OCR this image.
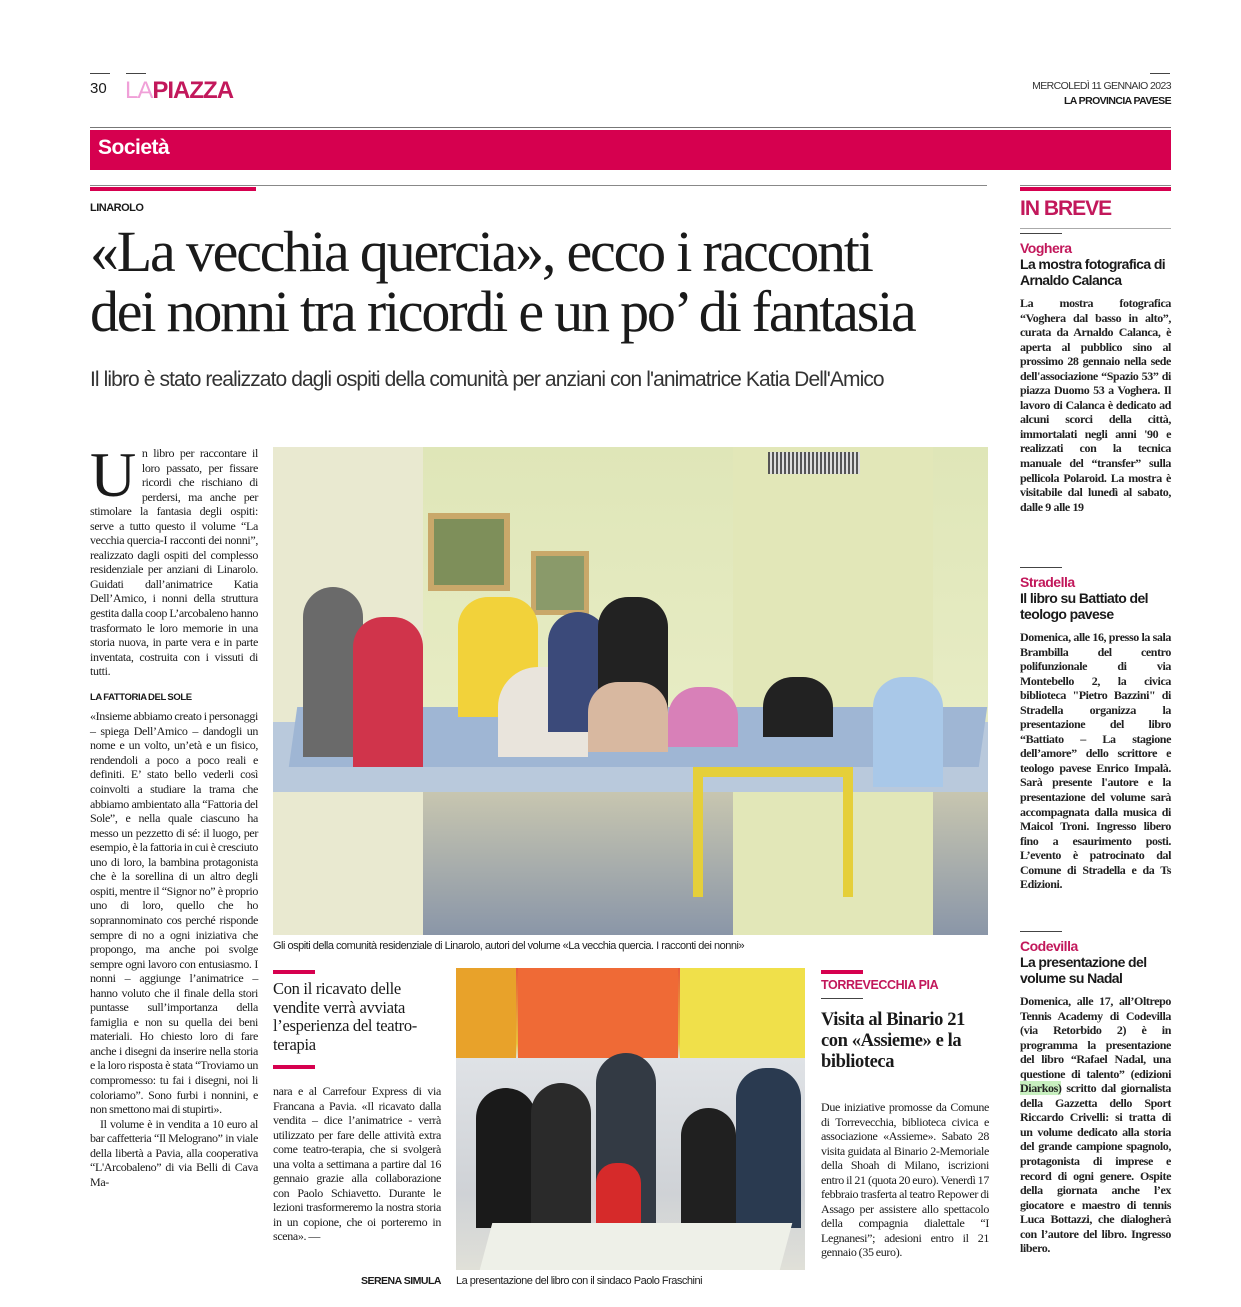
30 LAPIAZZA	MERCOLEDÌ 11 GENNAIO 2023
LA PROVINCIA PAVESE
Società
LINAROLO
«La vecchia quercia», ecco i racconti
dei nonni tra ricordi e un po’ di fantasia
Il libro è stato realizzato dagli ospiti della comunità per anziani con l'animatrice Katia Dell'Amico

Un libro per raccontare il loro passato, per fissare ricordi che rischiano di perdersi, ma anche per stimolare la fantasia degli ospiti: serve a tutto questo il volume “La vecchia quercia-I racconti dei nonni”, realizzato dagli ospiti del complesso residenziale per anziani di Linarolo. Guidati dall’animatrice Katia Dell’Amico, i nonni della struttura gestita dalla coop L’arcobaleno hanno trasformato le loro memorie in una storia nuova, in parte vera e in parte inventata, costruita con i vissuti di tutti.

LA FATTORIA DEL SOLE

«Insieme abbiamo creato i personaggi – spiega Dell’Amico – dandogli un nome e un volto, un’età e un fisico, rendendoli a poco a poco reali e definiti. E’ stato bello vederli così coinvolti a studiare la trama che abbiamo ambientato alla “Fattoria del Sole”, e nella quale ciascuno ha messo un pezzetto di sé: il luogo, per esempio, è la fattoria in cui è cresciuto uno di loro, la bambina protagonista che è la sorellina di un altro degli ospiti, mentre il “Signor no” è proprio uno di loro, quello che ho soprannominato cos perché risponde sempre di no a ogni iniziativa che propongo, ma anche poi svolge sempre ogni lavoro con entusiasmo. I nonni – aggiunge l’animatrice – hanno voluto che il finale della stori puntasse sull’importanza della famiglia e non su quella dei beni materiali. Ho chiesto loro di fare anche i disegni da inserire nella storia e la loro risposta è stata “Troviamo un compromesso: tu fai i disegni, noi li coloriamo”. Sono furbi i nonnini, e non smettono mai di stupirti».

Il volume è in vendita a 10 euro al bar caffetteria “Il Melograno” in viale della libertà a Pavia, alla cooperativa “L'Arcobaleno” di via Belli di Cava Ma-

Gli ospiti della comunità residenziale di Linarolo, autori del volume «La vecchia quercia. I racconti dei nonni»
Con il ricavato delle vendite verrà avviata l’esperienza del teatro-terapia

nara e al Carrefour Express di via Francana a Pavia. «Il ricavato dalla vendita – dice l’animatrice - verrà utilizzato per fare delle attività extra come teatro-terapia, che si svolgerà una volta a settimana a partire dal 16 gennaio grazie alla collaborazione con Paolo Schiavetto. Durante le lezioni trasformeremo la nostra storia in un copione, che oi porteremo in scena». —

SERENA SIMULA La presentazione del libro con il sindaco Paolo Fraschini
TORREVECCHIA PIA
Visita al Binario 21 con «Assieme» e la biblioteca
Due iniziative promosse da Comune di Torrevecchia, biblioteca civica e associazione «Assieme». Sabato 28 visita guidata al Binario 2-Memoriale della Shoah di Milano, iscrizioni entro il 21 (quota 20 euro). Venerdì 17 febbraio trasferta al teatro Repower di Assago per assistere allo spettacolo della compagnia dialettale “I Legnanesi”; adesioni entro il 21 gennaio (35 euro).
IN BREVE
Voghera
La mostra fotografica di Arnaldo Calanca
La mostra fotografica “Voghera dal basso in alto”, curata da Arnaldo Calanca, è aperta al pubblico sino al prossimo 28 gennaio nella sede dell'associazione “Spazio 53” di piazza Duomo 53 a Voghera. Il lavoro di Calanca è dedicato ad alcuni scorci della città, immortalati negli anni '90 e realizzati con la tecnica manuale del “transfer” sulla pellicola Polaroid. La mostra è visitabile dal lunedì al sabato, dalle 9 alle 19
Stradella
Il libro su Battiato del teologo pavese
Domenica, alle 16, presso la sala Brambilla del centro polifunzionale di via Montebello 2, la civica biblioteca "Pietro Bazzini" di Stradella organizza la presentazione del libro “Battiato – La stagione dell’amore” dello scrittore e teologo pavese Enrico Impalà. Sarà presente l'autore e la presentazione del volume sarà accompagnata dalla musica di Maicol Troni. Ingresso libero fino a esaurimento posti. L’evento è patrocinato dal Comune di Stradella e da Ts Edizioni.
Codevilla
La presentazione del volume su Nadal
Domenica, alle 17, all’Oltrepo Tennis Academy di Codevilla (via Retorbido 2) è in programma la presentazione del libro “Rafael Nadal, una questione di talento” (edizioni Diarkos) scritto dal giornalista della Gazzetta dello Sport Riccardo Crivelli: si tratta di un volume dedicato alla storia del grande campione spagnolo, protagonista di imprese e record di ogni genere. Ospite della giornata anche l’ex giocatore e maestro di tennis Luca Bottazzi, che dialogherà con l’autore del libro. Ingresso libero.
